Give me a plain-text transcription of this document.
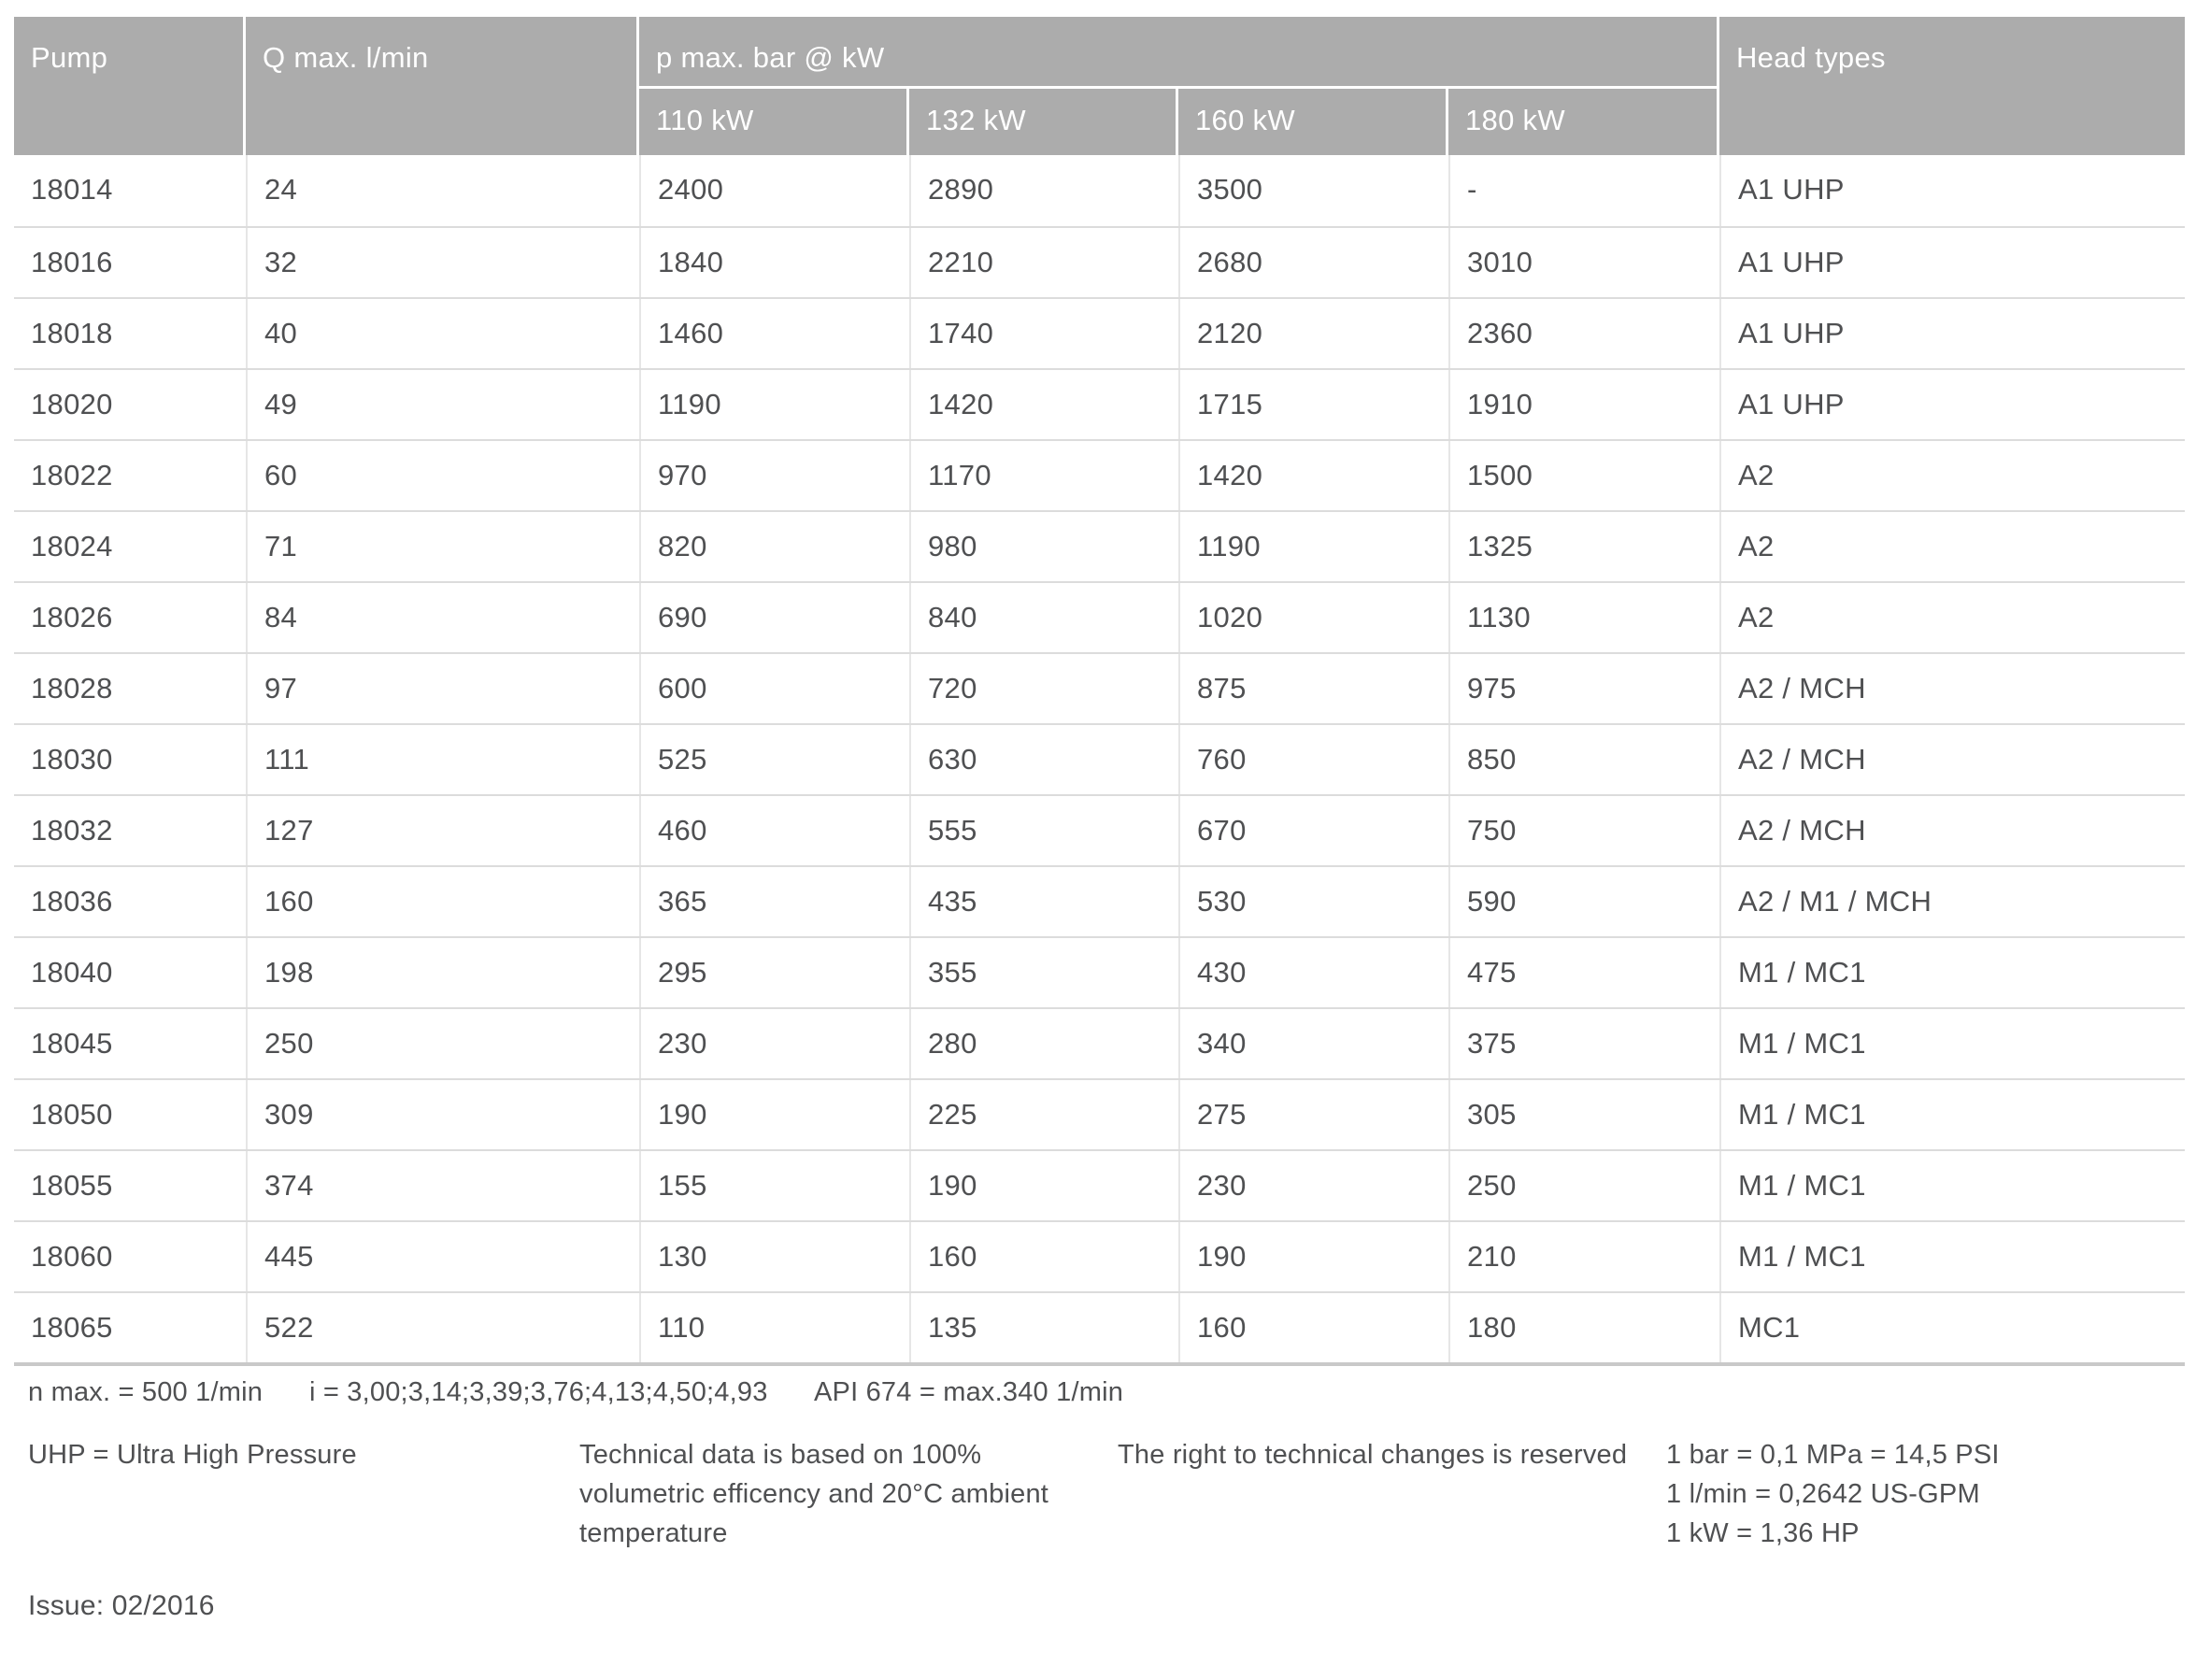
Pump	Q max. l/min	p max. bar @ kW
110 kW	132 kW	160 kW	180 kW
Head types
18014	24	2400	2890	3500	-	A1 UHP
18016	32	1840	2210	2680	3010	A1 UHP
18018	40	1460	1740	2120	2360	A1 UHP
18020	49	1190	1420	1715	1910	A1 UHP
18022	60	970	1170	1420	1500	A2
18024	71	820	980	1190	1325	A2
18026	84	690	840	1020	1130	A2
18028	97	600	720	875	975	A2 / MCH
18030	111	525	630	760	850	A2 / MCH
18032	127	460	555	670	750	A2 / MCH
18036	160	365	435	530	590	A2 / M1 / MCH
18040	198	295	355	430	475	M1 / MC1
18045	250	230	280	340	375	M1 / MC1
18050	309	190	225	275	305	M1 / MC1
18055	374	155	190	230	250	M1 / MC1
18060	445	130	160	190	210	M1 / MC1
18065	522	110	135	160	180	MC1
n max. = 500 1/min i = 3,00;3,14;3,39;3,76;4,13;4,50;4,93 API 674 = max.340 1/min
UHP = Ultra High Pressure	Technical data is based on 100%
volumetric efficency and 20°C ambient
temperature
The right to technical changes is reserved 1 bar = 0,1 MPa = 14,5 PSI
1 l/min = 0,2642 US-GPM
1 kW = 1,36 HP
Issue: 02/2016
